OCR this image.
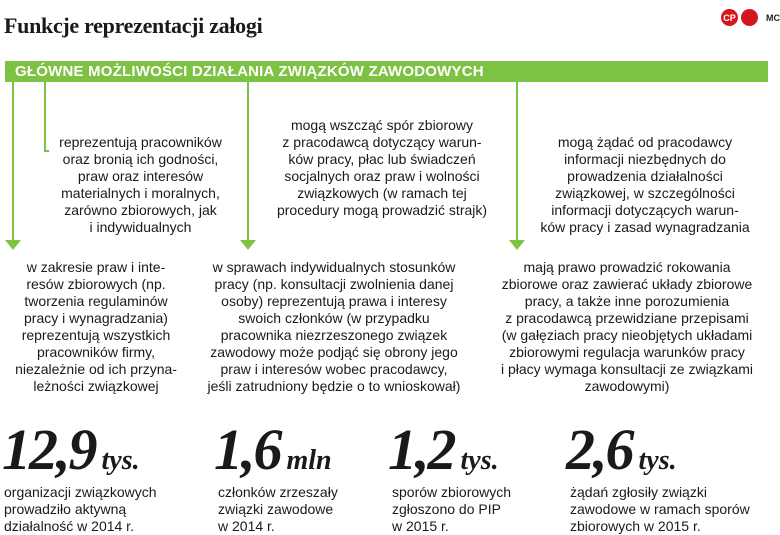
Funkcje reprezentacji załogi	CP	MC
GŁÓWNE MOŻLIWOŚCI DZIAŁANIA ZWIĄZKÓW ZAWODOWYCH
reprezentują pracowników
oraz bronią ich godności,
praw oraz interesów
materialnych i moralnych,
zarówno zbiorowych, jak
i indywidualnych
mogą wszcząć spór zbiorowy
z pracodawcą dotyczący warun-
ków pracy, płac lub świadczeń
socjalnych oraz praw i wolności
związkowych (w ramach tej
procedury mogą prowadzić strajk)
mogą żądać od pracodawcy
informacji niezbędnych do
prowadzenia działalności
związkowej, w szczególności
informacji dotyczących warun-
ków pracy i zasad wynagradzania
w zakresie praw i inte-
resów zbiorowych (np.
tworzenia regulaminów
pracy i wynagradzania)
reprezentują wszystkich
pracowników firmy,
niezależnie od ich przyna-
leżności związkowej
w sprawach indywidualnych stosunków
pracy (np. konsultacji zwolnienia danej
osoby) reprezentują prawa i interesy
swoich członków (w przypadku
pracownika niezrzeszonego związek
zawodowy może podjąć się obrony jego
praw i interesów wobec pracodawcy,
jeśli zatrudniony będzie o to wnioskował)
mają prawo prowadzić rokowania
zbiorowe oraz zawierać układy zbiorowe
pracy, a także inne porozumienia
z pracodawcą przewidziane przepisami
(w gałęziach pracy nieobjętych układami
zbiorowymi regulacja warunków pracy
i płacy wymaga konsultacji ze związkami
zawodowymi)
12,9 tys.
organizacji związkowych
prowadziło aktywną
działalność w 2014 r.
1,6 mln
członków zrzeszały
związki zawodowe
w 2014 r.
1,2 tys.
sporów zbiorowych
zgłoszono do PIP
w 2015 r.
2,6 tys.
żądań zgłosiły związki
zawodowe w ramach sporów
zbiorowych w 2015 r.
